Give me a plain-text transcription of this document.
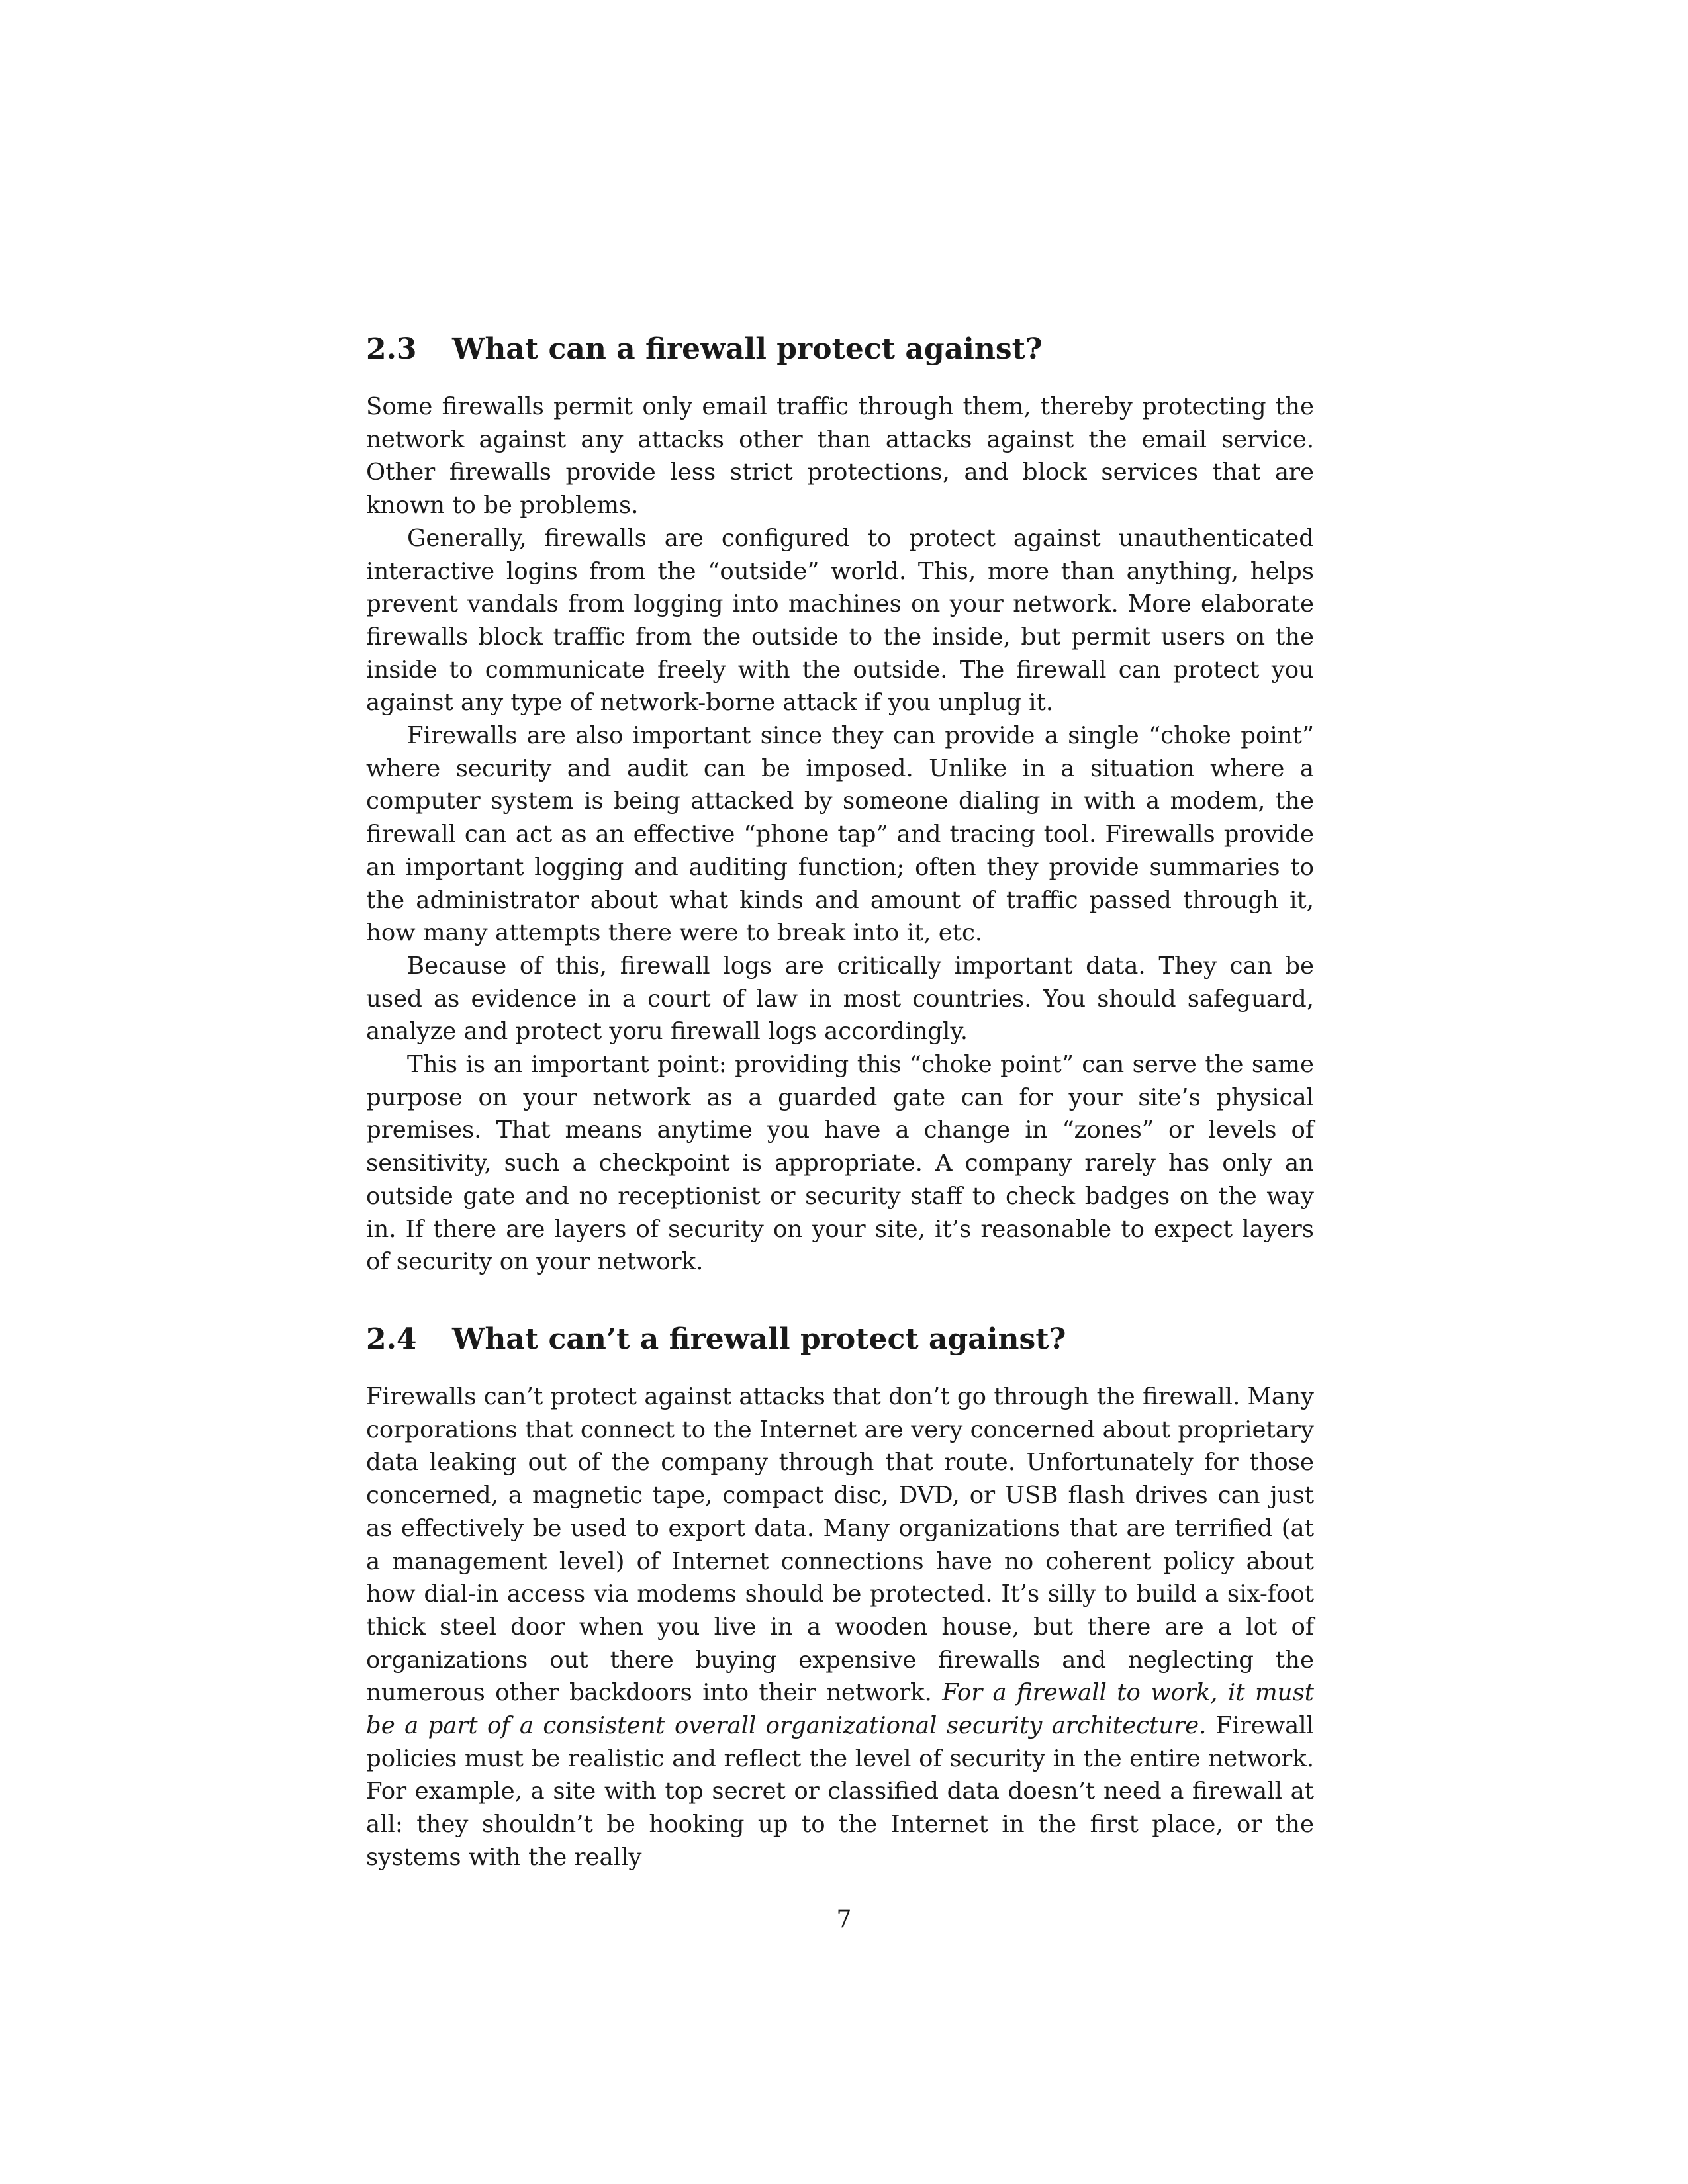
2.3	What can a firewall protect against?

Some firewalls permit only email traffic through them, thereby protecting the network against any attacks other than attacks against the email service. Other firewalls provide less strict protections, and block services that are known to be problems.

Generally, firewalls are configured to protect against unauthenticated interactive logins from the “outside” world. This, more than anything, helps prevent vandals from logging into machines on your network. More elaborate firewalls block traffic from the outside to the inside, but permit users on the inside to communicate freely with the outside. The firewall can protect you against any type of network-borne attack if you unplug it.

Firewalls are also important since they can provide a single “choke point” where security and audit can be imposed. Unlike in a situation where a computer system is being attacked by someone dialing in with a modem, the firewall can act as an effective “phone tap” and tracing tool. Firewalls provide an important logging and auditing function; often they provide summaries to the administrator about what kinds and amount of traffic passed through it, how many attempts there were to break into it, etc.

Because of this, firewall logs are critically important data. They can be used as evidence in a court of law in most countries. You should safeguard, analyze and protect yoru firewall logs accordingly.

This is an important point: providing this “choke point” can serve the same purpose on your network as a guarded gate can for your site’s physical premises. That means anytime you have a change in “zones” or levels of sensitivity, such a checkpoint is appropriate. A company rarely has only an outside gate and no receptionist or security staff to check badges on the way in. If there are layers of security on your site, it’s reasonable to expect layers of security on your network.

2.4	What can’t a firewall protect against?

Firewalls can’t protect against attacks that don’t go through the firewall. Many corporations that connect to the Internet are very concerned about proprietary data leaking out of the company through that route. Unfortunately for those concerned, a magnetic tape, compact disc, DVD, or USB flash drives can just as effectively be used to export data. Many organizations that are terrified (at a management level) of Internet connections have no coherent policy about how dial-in access via modems should be protected. It’s silly to build a six-foot thick steel door when you live in a wooden house, but there are a lot of organizations out there buying expensive firewalls and neglecting the numerous other backdoors into their network. For a firewall to work, it must be a part of a consistent overall organizational security architecture. Firewall policies must be realistic and reflect the level of security in the entire network. For example, a site with top secret or classified data doesn’t need a firewall at all: they shouldn’t be hooking up to the Internet in the first place, or the systems with the really

7
